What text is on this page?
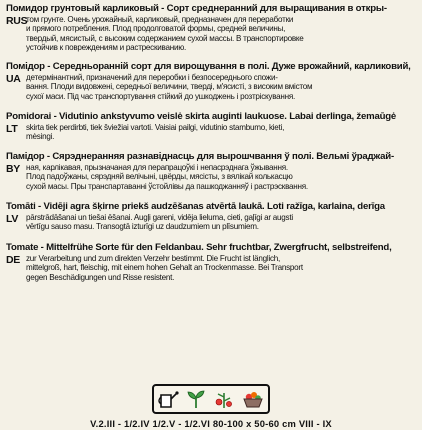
Помидор грунтовый карликовый - Сорт среднеранний для выращивания в откры-
RUS
том грунте. Очень урожайный, карликовый, предназначен для переработки
и прямого потребления. Плод продолговатой формы, средней величины,
твердый, мясистый, с высоким содержанием сухой массы. В транспортировке
устойчив к повреждениям и растрескиванию.
Помідор - Середньоранній сорт для вирощування в полі. Дуже врожайний, карликовий,
UA детермінантний, призначений для переробки і безпосереднього спожи-
вання. Плоди видовжені, середньої величини, тверді, м'ясисті, з високим вмістом
сухої маси. Під час транспортування стійкий до ушкоджень і розтріскування.
Pomidorai - Vidutinio ankstyvumo veislė skirta auginti laukuose. Labai derlinga, žemaūgė
LT	skirta tiek perdirbti, tiek šviežiai vartoti. Vaisiai pailgi, vidutinio stambumo, kieti,
mėsingi.
Памідор - Сярэднеранняя разнавіднасць для вырошчвання ў полі. Вельмі ўраджай-
BY ная, карлікавая, прызначаная для перапрацоўкі і непасрэднага ўжывання.
Плод падоўжаны, сярэдняй велічыні, цвёрды, мясісты, з вялікай колькасцю
сухой масы. Пры транспартаванні ўстойлівы да пашкоджанняў і растрэсквання.
Tomāti - Vidēji agra šķirne priekš audzēšanas atvērtā laukā. Loti ražīga, karlaina, derīga
LV pārstrādāšanai un tiešai ēšanai. Augļi gareni, vidēja lieluma, cieti, gaļīgi ar augsti
vērtīgu sauso masu. Transogtā izturīgi uz daudzumiem un plīsumiem.
Tomate - Mittelfrühe Sorte für den Feldanbau. Sehr fruchtbar, Zwergfrucht, selbstreifend,
DE zur Verarbeitung und zum direkten Verzehr bestimmt. Die Frucht ist länglich,
mittelgroß, hart, fleischig, mit einem hohen Gehalt an Trockenmasse. Bei Transport
gegen Beschädigungen und Risse resistent.
V.2.III - 1/2.IV 1/2.V - 1/2.VI 80-100 x 50-60 cm VIII - IX
